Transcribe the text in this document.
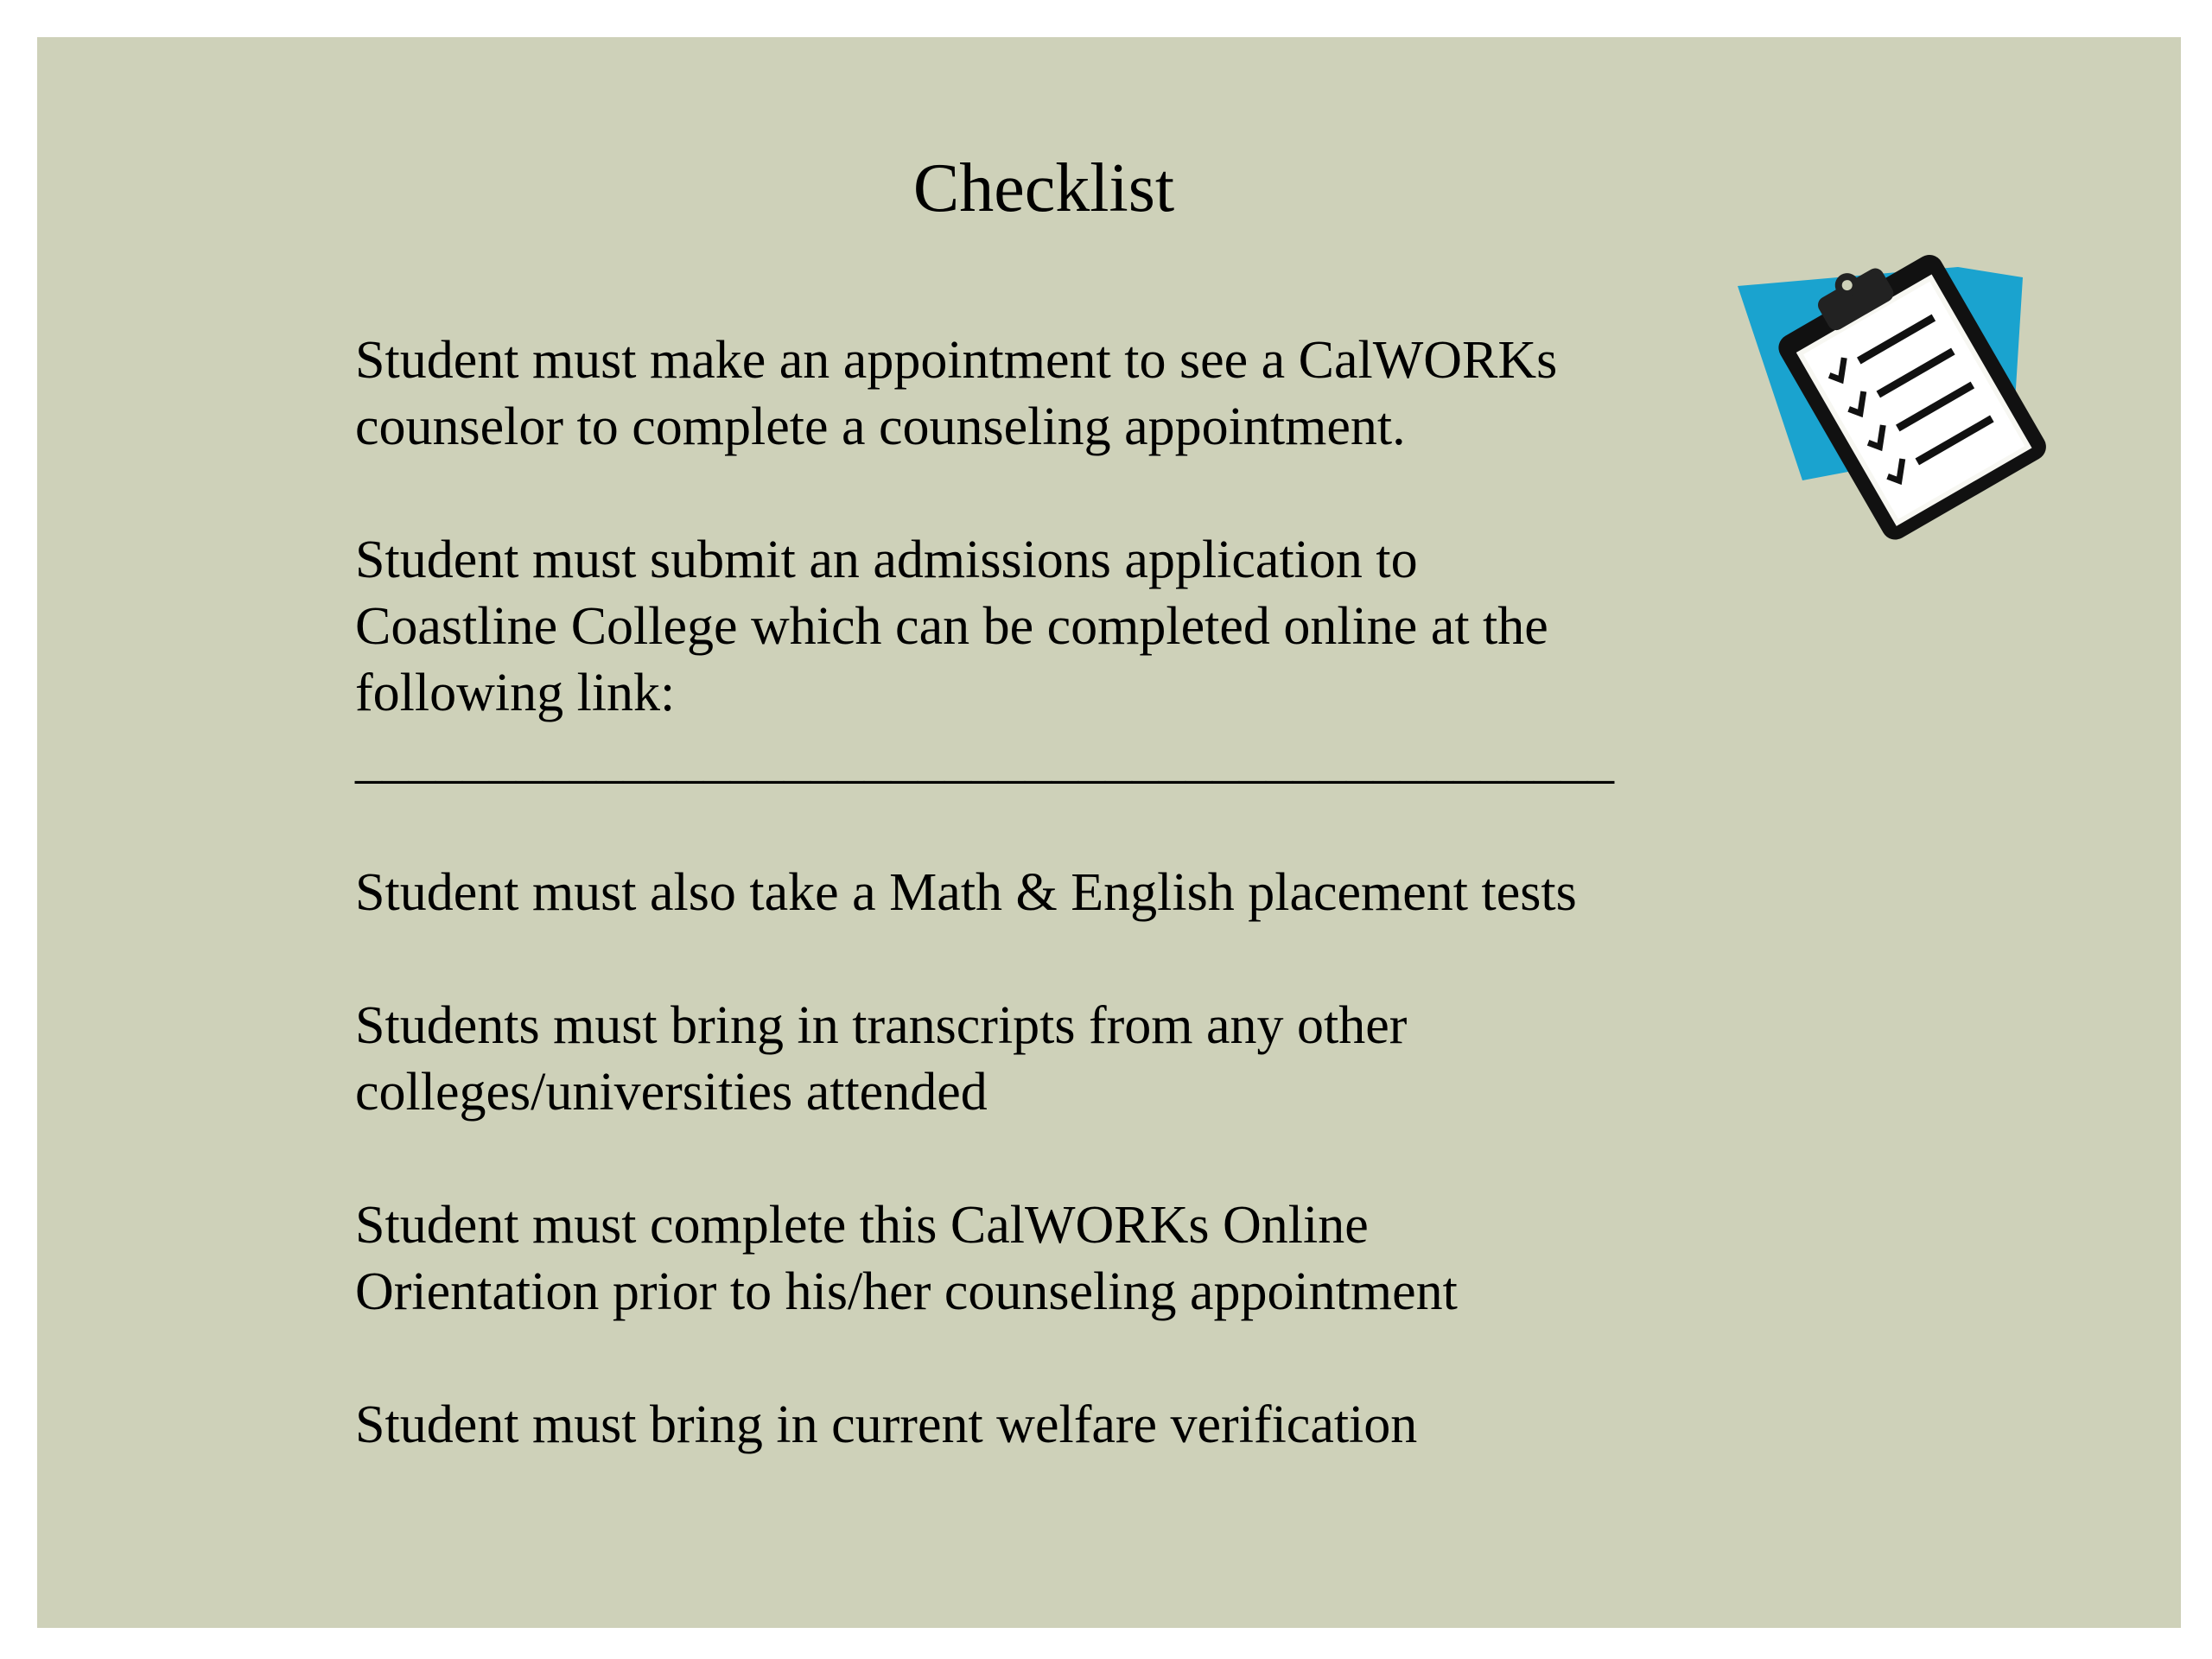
Checklist

Student must make an appointment to see a CalWORKs
counselor to complete a counseling appointment.

Student must submit an admissions application to
Coastline College which can be completed online at the
following link:

_______________________________________________

Student must also take a Math & English placement tests

Students must bring in transcripts from any other
colleges/universities attended

Student must complete this CalWORKs Online
Orientation prior to his/her counseling appointment

Student must bring in current welfare verification
